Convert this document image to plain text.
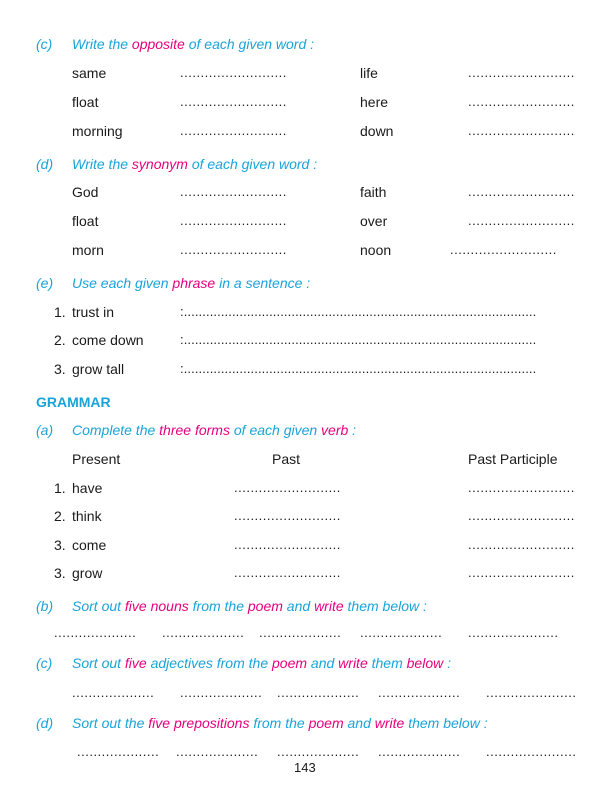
(c) Write the opposite of each given word :
same	..........................	life	..........................
float	..........................	here	..........................
morning	..........................	down	..........................
(d) Write the synonym of each given word :
God	..........................	faith	..........................
float	..........................	over	..........................
morn	..........................	noon	..........................
(e) Use each given phrase in a sentence :
1. trust in	:...............................................................................................
2. come down	:...............................................................................................
3. grow tall	:...............................................................................................
GRAMMAR
(a) Complete the three forms of each given verb :
Present	Past	Past Participle
1. have	..........................	..........................
2. think	..........................	..........................
3. come	..........................	..........................
3. grow	..........................	..........................
(b) Sort out five nouns from the poem and write them below :
.................... .................... .................... .................... ......................
(c) Sort out five adjectives from the poem and write them below :
.................... .................... .................... .................... ......................
(d) Sort out the five prepositions from the poem and write them below :
.................... .................... .................... .................... ......................
143
